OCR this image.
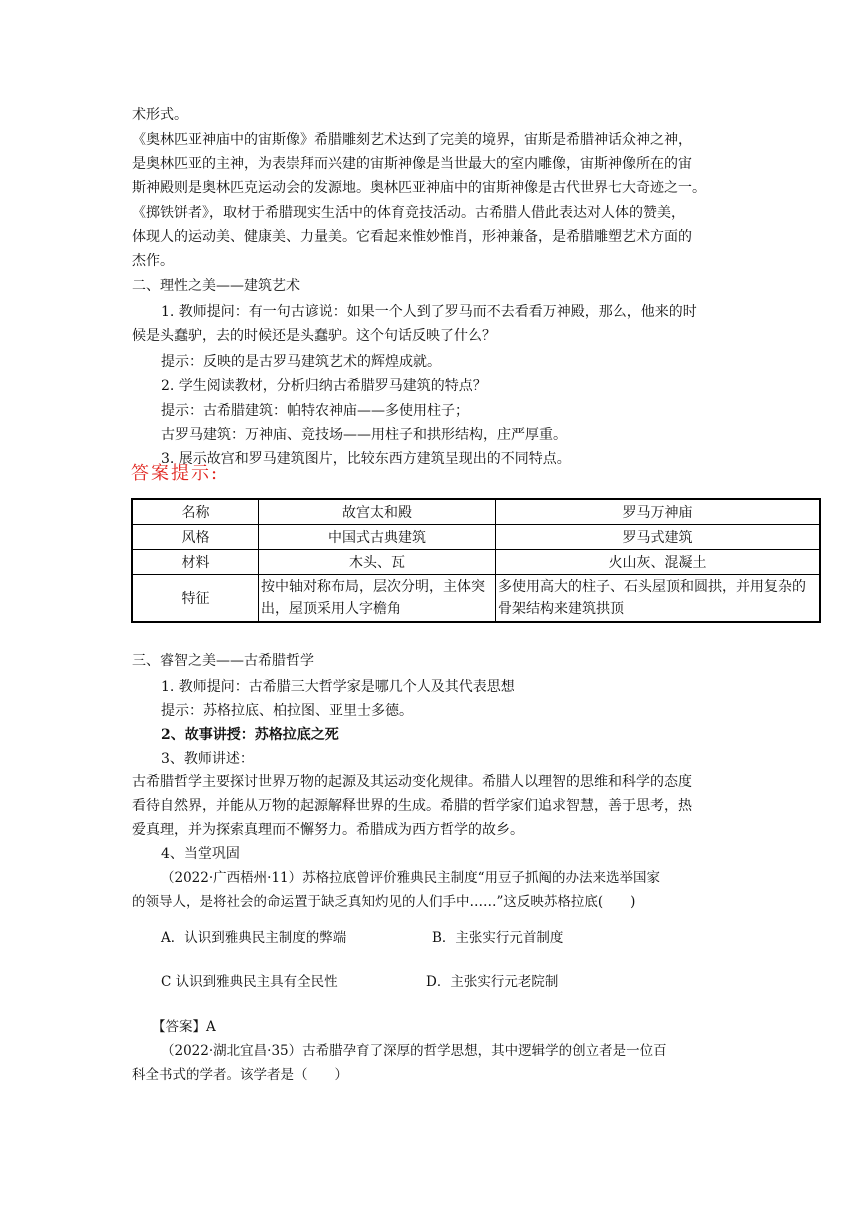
术形式。
《奥林匹亚神庙中的宙斯像》希腊雕刻艺术达到了完美的境界，宙斯是希腊神话众神之神，
是奥林匹亚的主神，为表崇拜而兴建的宙斯神像是当世最大的室内雕像，宙斯神像所在的宙
斯神殿则是奥林匹克运动会的发源地。奥林匹亚神庙中的宙斯神像是古代世界七大奇迹之一。
《掷铁饼者》，取材于希腊现实生活中的体育竞技活动。古希腊人借此表达对人体的赞美，
体现人的运动美、健康美、力量美。它看起来惟妙惟肖，形神兼备，是希腊雕塑艺术方面的
杰作。
二、理性之美——建筑艺术
1. 教师提问：有一句古谚说：如果一个人到了罗马而不去看看万神殿，那么，他来的时
候是头蠢驴，去的时候还是头蠢驴。这个句话反映了什么？
提示：反映的是古罗马建筑艺术的辉煌成就。
2. 学生阅读教材，分析归纳古希腊罗马建筑的特点？
提示：古希腊建筑：帕特农神庙——多使用柱子；
古罗马建筑：万神庙、竞技场——用柱子和拱形结构，庄严厚重。
3. 展示故宫和罗马建筑图片，比较东西方建筑呈现出的不同特点。
答案提示:
名称	故宫太和殿	罗马万神庙
风格	中国式古典建筑	罗马式建筑
材料	木头、瓦	火山灰、混凝土
特征	按中轴对称布局，层次分明，主体突出，屋顶采用人字檐角	多使用高大的柱子、石头屋顶和圆拱，并用复杂的骨架结构来建筑拱顶
三、睿智之美——古希腊哲学
1. 教师提问：古希腊三大哲学家是哪几个人及其代表思想
提示：苏格拉底、柏拉图、亚里士多德。
2、故事讲授：苏格拉底之死
3、教师讲述：
古希腊哲学主要探讨世界万物的起源及其运动变化规律。希腊人以理智的思维和科学的态度
看待自然界，并能从万物的起源解释世界的生成。希腊的哲学家们追求智慧，善于思考，热
爱真理，并为探索真理而不懈努力。希腊成为西方哲学的故乡。
4、当堂巩固
（2022·广西梧州·11）苏格拉底曾评价雅典民主制度“用豆子抓阄的办法来选举国家
的领导人，是将社会的命运置于缺乏真知灼见的人们手中……”这反映苏格拉底(　　)
A．认识到雅典民主制度的弊端	B．主张实行元首制度
C 认识到雅典民主具有全民性	D．主张实行元老院制
【答案】A
（2022·湖北宜昌·35）古希腊孕育了深厚的哲学思想，其中逻辑学的创立者是一位百
科全书式的学者。该学者是（　　）
